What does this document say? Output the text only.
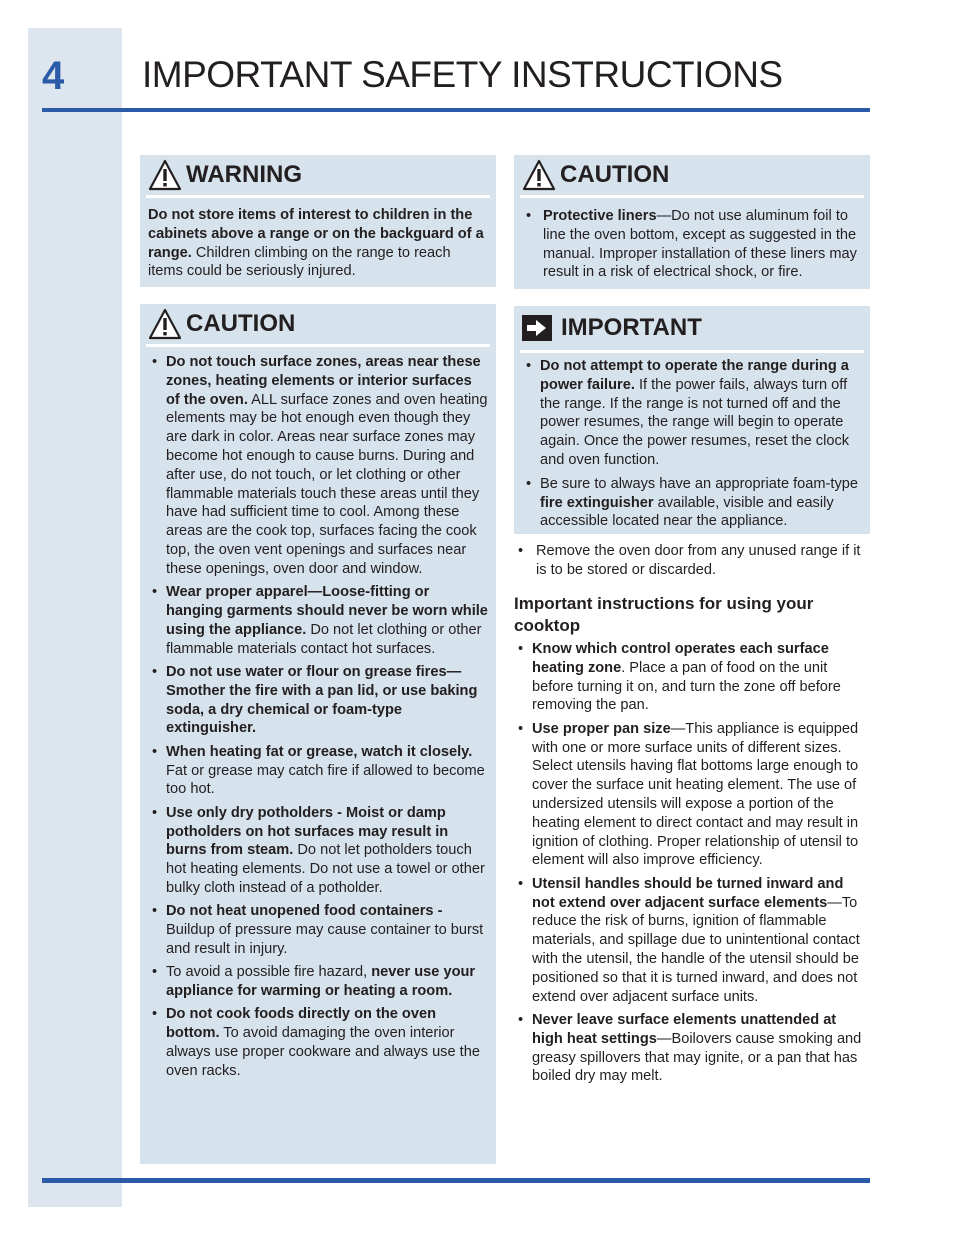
4 IMPORTANT SAFETY INSTRUCTIONS
WARNING

Do not store items of interest to children in the cabinets above a range or on the backguard of a range. Children climbing on the range to reach items could be seriously injured.

CAUTION
• Do not touch surface zones, areas near these zones, heating elements or interior surfaces of the oven. ALL surface zones and oven heating elements may be hot enough even though they are dark in color. Areas near surface zones may become hot enough to cause burns. During and after use, do not touch, or let clothing or other flammable materials touch these areas until they have had sufficient time to cool. Among these areas are the cook top, surfaces facing the cook top, the oven vent openings and surfaces near these openings, oven door and window.
• Wear proper apparel—Loose-fitting or hanging garments should never be worn while using the appliance. Do not let clothing or other flammable materials contact hot surfaces.
• Do not use water or flour on grease fires—Smother the fire with a pan lid, or use baking soda, a dry chemical or foam-type extinguisher.
• When heating fat or grease, watch it closely. Fat or grease may catch fire if allowed to become too hot.
• Use only dry potholders - Moist or damp potholders on hot surfaces may result in burns from steam. Do not let potholders touch hot heating elements. Do not use a towel or other bulky cloth instead of a potholder.
• Do not heat unopened food containers - Buildup of pressure may cause container to burst and result in injury.
• To avoid a possible fire hazard, never use your appliance for warming or heating a room.
• Do not cook foods directly on the oven bottom. To avoid damaging the oven interior always use proper cookware and always use the oven racks.
CAUTION
• Protective liners—Do not use aluminum foil to line the oven bottom, except as suggested in the manual. Improper installation of these liners may result in a risk of electrical shock, or fire.
IMPORTANT
• Do not attempt to operate the range during a power failure. If the power fails, always turn off the range. If the range is not turned off and the power resumes, the range will begin to operate again. Once the power resumes, reset the clock and oven function.
• Be sure to always have an appropriate foam-type fire extinguisher available, visible and easily accessible located near the appliance.
• Remove the oven door from any unused range if it is to be stored or discarded.

Important instructions for using your cooktop

• Know which control operates each surface heating zone. Place a pan of food on the unit before turning it on, and turn the zone off before removing the pan.
• Use proper pan size—This appliance is equipped with one or more surface units of different sizes. Select utensils having flat bottoms large enough to cover the surface unit heating element. The use of undersized utensils will expose a portion of the heating element to direct contact and may result in ignition of clothing. Proper relationship of utensil to element will also improve efficiency.
• Utensil handles should be turned inward and not extend over adjacent surface elements—To reduce the risk of burns, ignition of flammable materials, and spillage due to unintentional contact with the utensil, the handle of the utensil should be positioned so that it is turned inward, and does not extend over adjacent surface units.
• Never leave surface elements unattended at high heat settings—Boilovers cause smoking and greasy spillovers that may ignite, or a pan that has boiled dry may melt.
